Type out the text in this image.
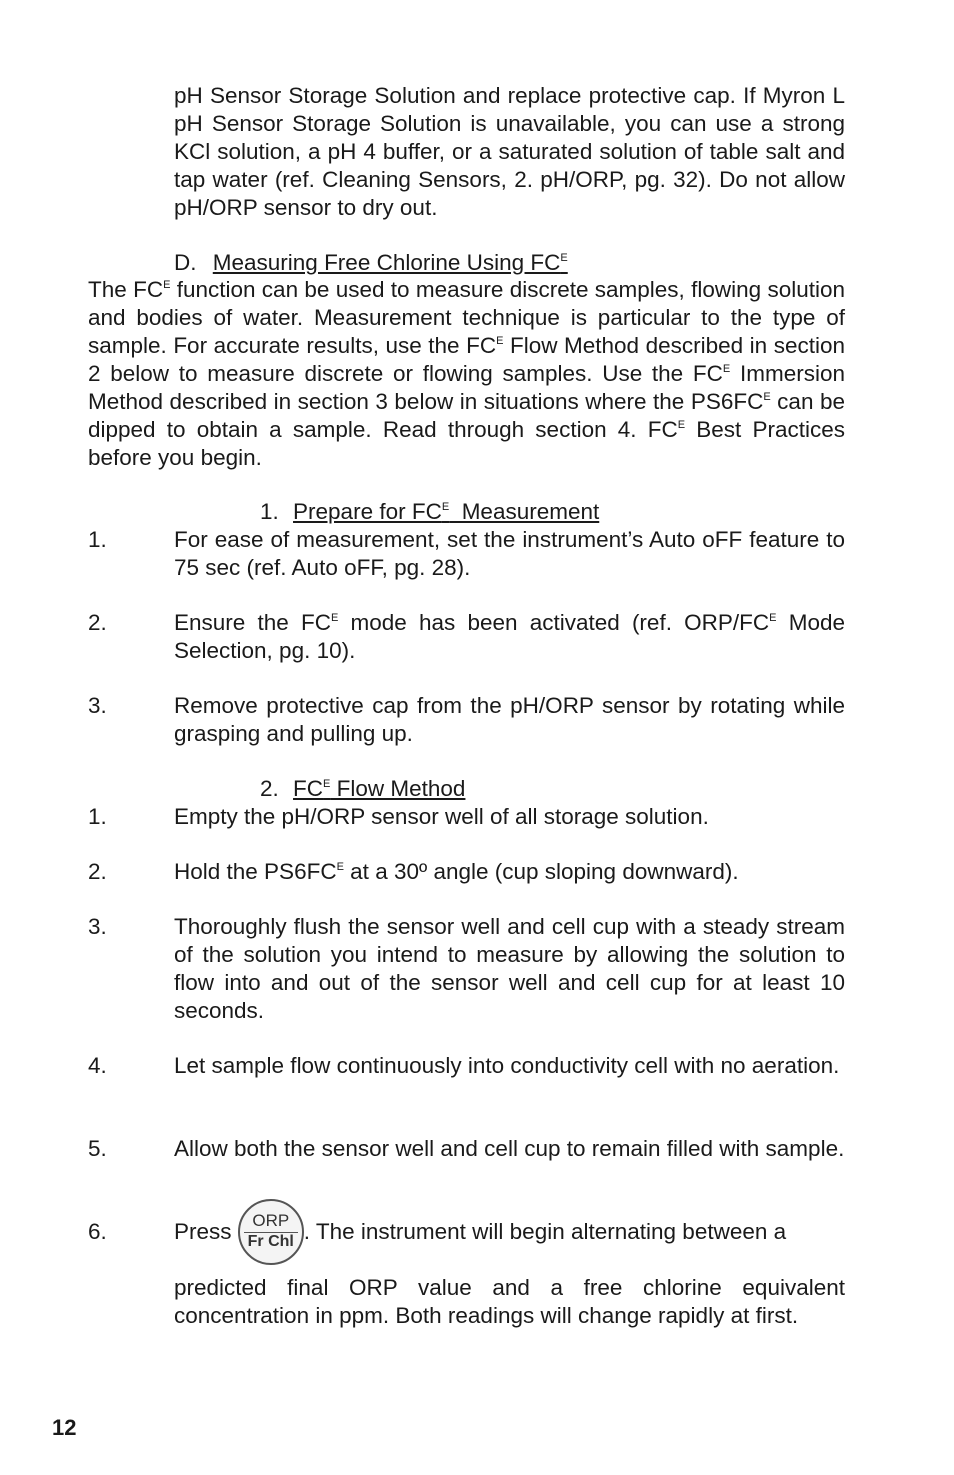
pH Sensor Storage Solution and replace protective cap. If Myron L pH Sensor Storage Solution is unavailable, you can use a strong KCl solution, a pH 4 buffer, or a saturated solution of table salt and tap water (ref. Cleaning Sensors, 2. pH/ORP, pg. 32). Do not allow pH/ORP sensor to dry out.
D. Measuring Free Chlorine Using $FC^E$
The $FC^E$ function can be used to measure discrete samples, flowing solution and bodies of water. Measurement technique is particular to the type of sample. For accurate results, use the $FC^E$ Flow Method described in section 2 below to measure discrete or flowing samples. Use the $FC^E$ Immersion Method described in section 3 below in situations where the $PS6FC^E$ can be dipped to obtain a sample. Read through section 4. $FC^E$ Best Practices before you begin.
1. Prepare for $FC^E$  Measurement
1.	For ease of measurement, set the instrument’s Auto oFF feature to 75 sec (ref. Auto oFF, pg. 28).
2.	Ensure the $FC^E$ mode has been activated (ref. ORP/$FC^E$ Mode Selection, pg. 10).
3.	Remove protective cap from the pH/ORP sensor by rotating while grasping and pulling up.
2. $FC^E$ Flow Method
1.	Empty the pH/ORP sensor well of all storage solution.
2.	Hold the $PS6FC^E$ at a 30º angle (cup sloping downward).
3.	Thoroughly flush the sensor well and cell cup with a steady stream of the solution you intend to measure by allowing the solution to flow into and out of the sensor well and cell cup for at least 10 seconds.
4.	Let sample flow continuously into conductivity cell with no aeration.
5.	Allow both the sensor well and cell cup to remain filled with sample.
6.	Press ORP
Fr Chl . The instrument will begin alternating between a
predicted final ORP value and a free chlorine equivalent concentration in ppm. Both readings will change rapidly at first.
12
